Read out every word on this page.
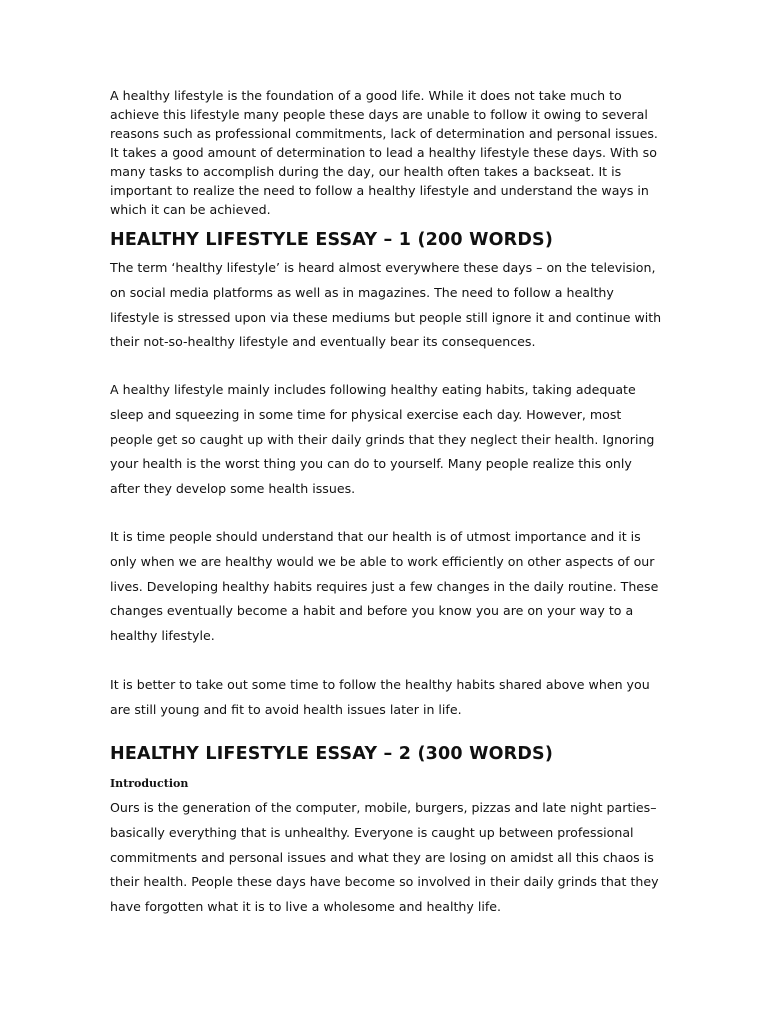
A healthy lifestyle is the foundation of a good life. While it does not take much to achieve this lifestyle many people these days are unable to follow it owing to several reasons such as professional commitments, lack of determination and personal issues. It takes a good amount of determination to lead a healthy lifestyle these days. With so many tasks to accomplish during the day, our health often takes a backseat. It is important to realize the need to follow a healthy lifestyle and understand the ways in which it can be achieved.

HEALTHY LIFESTYLE ESSAY – 1 (200 WORDS)

The term ‘healthy lifestyle’ is heard almost everywhere these days – on the television, on social media platforms as well as in magazines. The need to follow a healthy lifestyle is stressed upon via these mediums but people still ignore it and continue with their not-so-healthy lifestyle and eventually bear its consequences.

A healthy lifestyle mainly includes following healthy eating habits, taking adequate sleep and squeezing in some time for physical exercise each day. However, most people get so caught up with their daily grinds that they neglect their health. Ignoring your health is the worst thing you can do to yourself. Many people realize this only after they develop some health issues.

It is time people should understand that our health is of utmost importance and it is only when we are healthy would we be able to work efficiently on other aspects of our lives. Developing healthy habits requires just a few changes in the daily routine. These changes eventually become a habit and before you know you are on your way to a healthy lifestyle.

It is better to take out some time to follow the healthy habits shared above when you are still young and fit to avoid health issues later in life.

HEALTHY LIFESTYLE ESSAY – 2 (300 WORDS)

Introduction

Ours is the generation of the computer, mobile, burgers, pizzas and late night parties– basically everything that is unhealthy. Everyone is caught up between professional commitments and personal issues and what they are losing on amidst all this chaos is their health. People these days have become so involved in their daily grinds that they have forgotten what it is to live a wholesome and healthy life.
